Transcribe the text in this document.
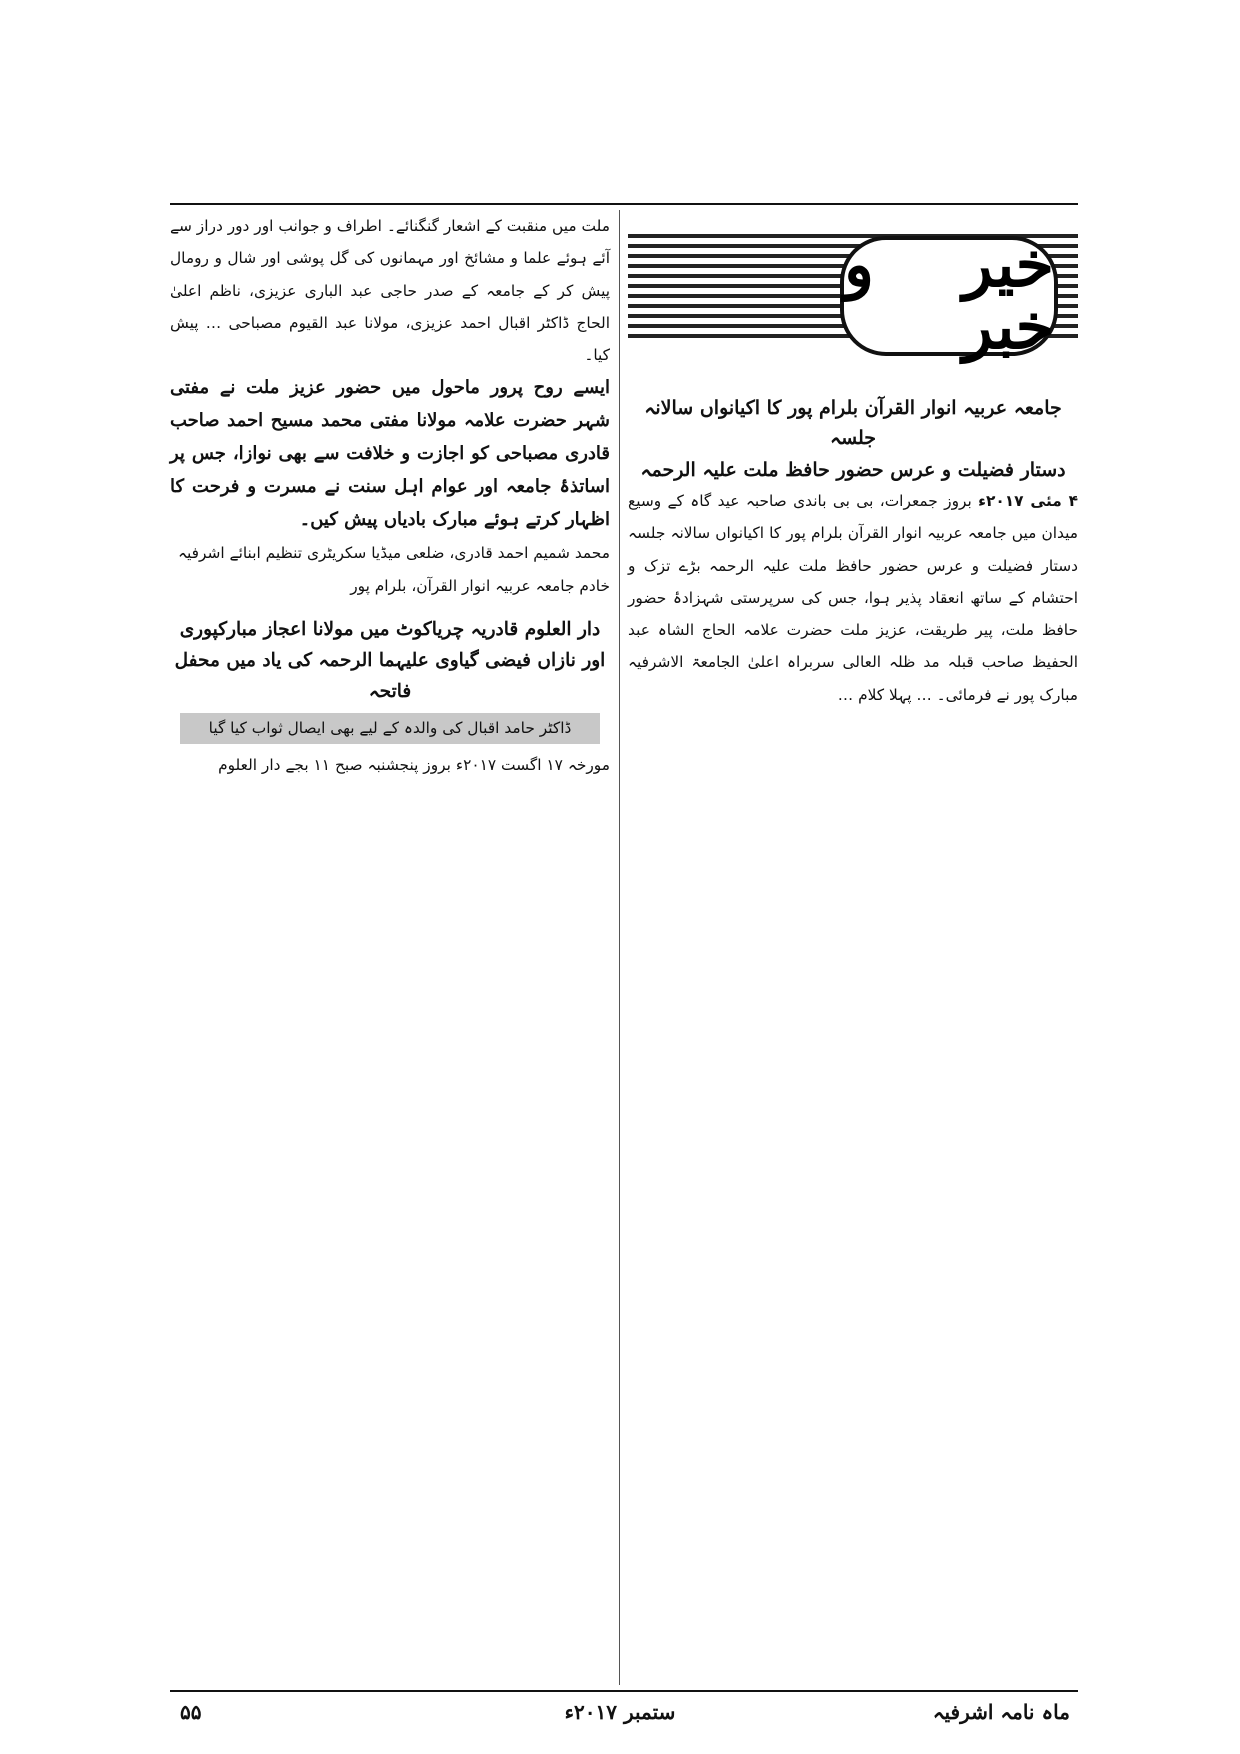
خیر و خبر

جامعہ عربیہ انوار القرآن بلرام پور کا اکیانواں سالانہ جلسہ

دستار فضیلت و عرس حضور حافظ ملت علیہ الرحمہ

۴ مئی ۲۰۱۷ء بروز جمعرات، بی بی باندی صاحبہ عید گاہ کے وسیع میدان میں جامعہ عربیہ انوار القرآن بلرام پور کا اکیانواں سالانہ جلسہ دستار فضیلت و عرس حضور حافظ ملت علیہ الرحمہ بڑے تزک و احتشام کے ساتھ انعقاد پذیر ہوا، جس کی سرپرستی شہزادۂ حضور حافظ ملت، پیر طریقت، عزیز ملت حضرت علامہ الحاج الشاہ عبد الحفیظ صاحب قبلہ مد ظلہ العالی سربراہ اعلیٰ الجامعۃ الاشرفیہ مبارک پور نے فرمائی۔ … پہلا کلام …

ملت میں منقبت کے اشعار گنگنائے۔ اطراف و جوانب اور دور دراز سے آئے ہوئے علما و مشائخ اور مہمانوں کی گل پوشی اور شال و رومال پیش کر کے جامعہ کے صدر حاجی عبد الباری عزیزی، ناظم اعلیٰ الحاج ڈاکٹر اقبال احمد عزیزی، مولانا عبد القیوم مصباحی … پیش کیا۔

ایسے روح پرور ماحول میں حضور عزیز ملت نے مفتی شہر حضرت علامہ مولانا مفتی محمد مسیح احمد صاحب قادری مصباحی کو اجازت و خلافت سے بھی نوازا، جس پر اساتذۂ جامعہ اور عوام اہل سنت نے مسرت و فرحت کا اظہار کرتے ہوئے مبارک بادیاں پیش کیں۔

محمد شمیم احمد قادری، ضلعی میڈیا سکریٹری تنظیم ابنائے اشرفیہ

خادم جامعہ عربیہ انوار القرآن، بلرام پور

دار العلوم قادریہ چریاکوٹ میں مولانا اعجاز مبارکپوری
اور نازاں فیضی گیاوی علیہما الرحمہ کی یاد میں محفل فاتحہ

ڈاکٹر حامد اقبال کی والدہ کے لیے بھی ایصال ثواب کیا گیا

مورخہ ۱۷ اگست ۲۰۱۷ء بروز پنجشنبہ صبح ۱۱ بجے دار العلوم

ماہ نامہ اشرفیہ
ستمبر ۲۰۱۷ء
۵۵
